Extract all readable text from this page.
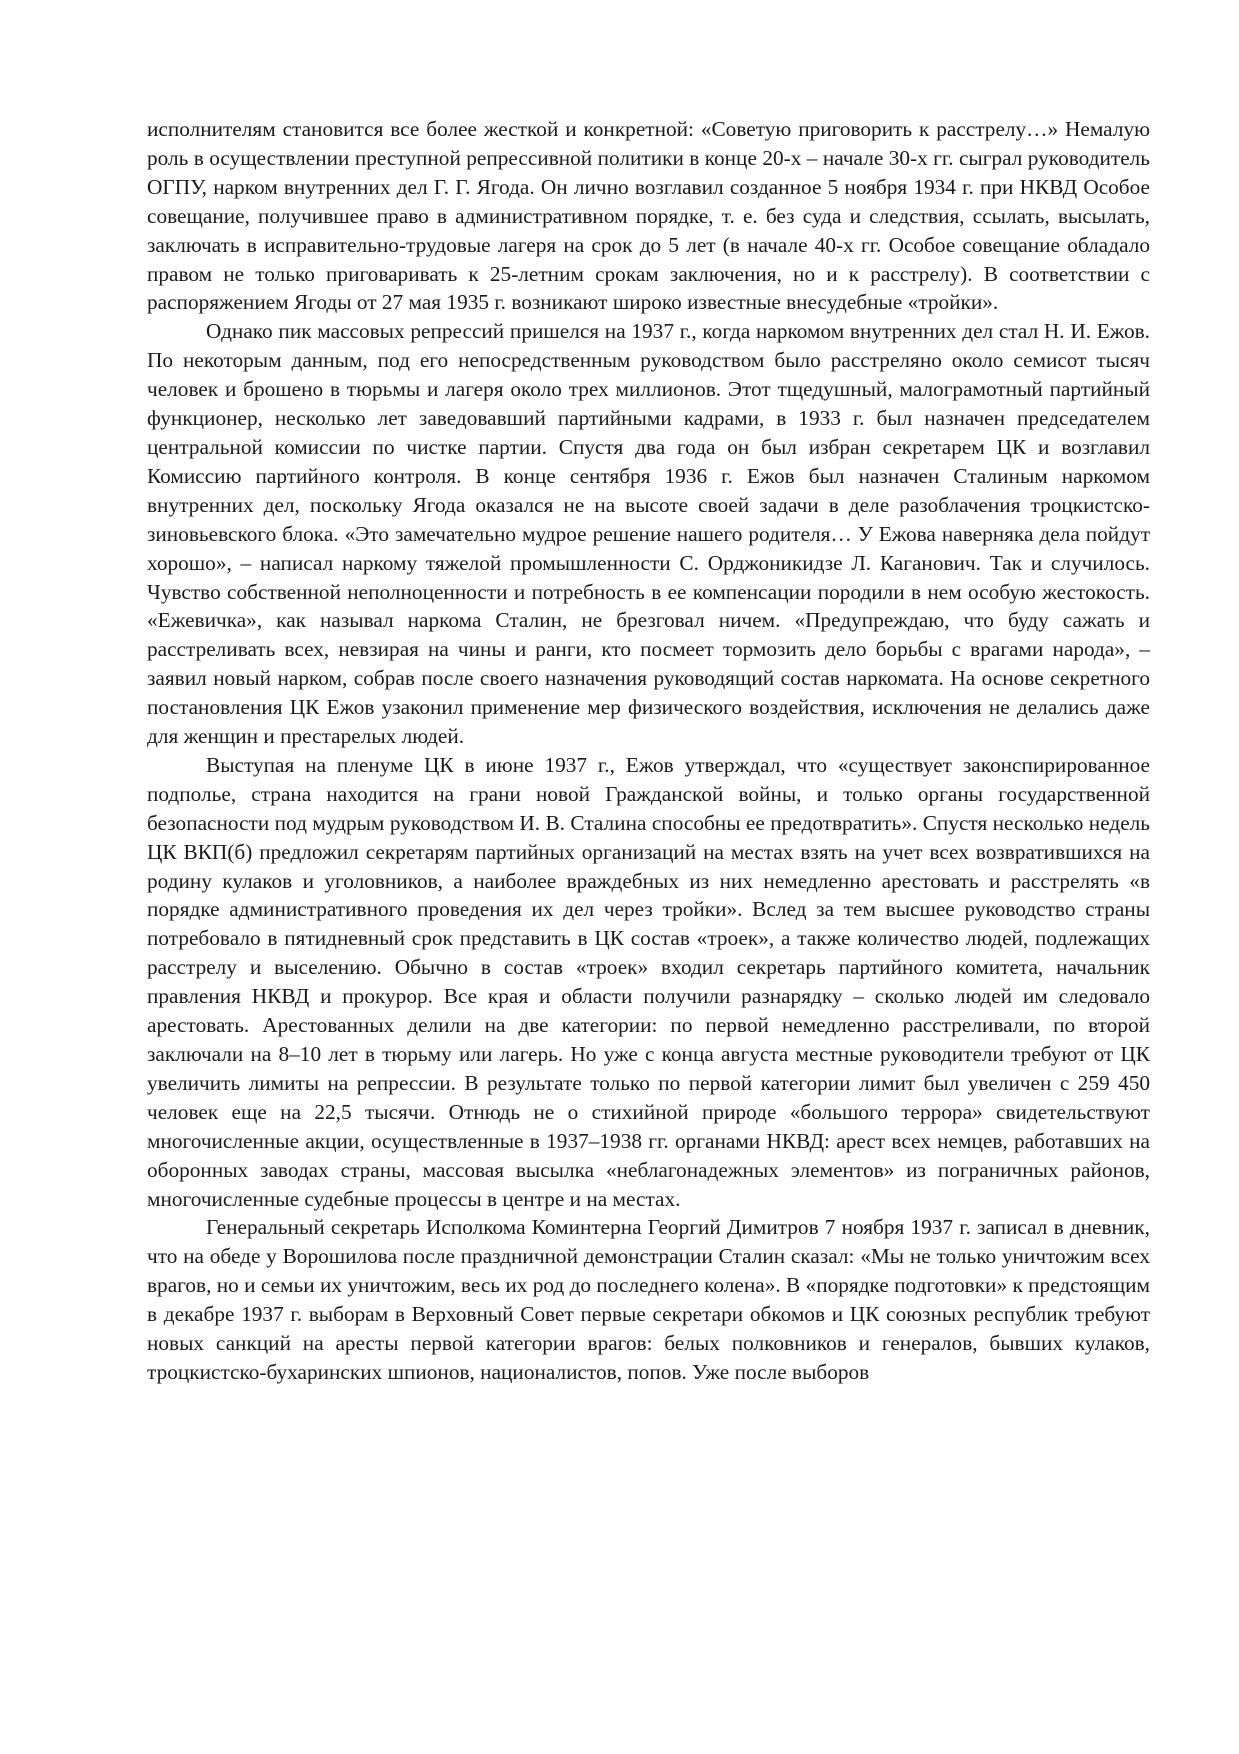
исполнителям становится все более жесткой и конкретной: «Советую приговорить к расстрелу…» Немалую роль в осуществлении преступной репрессивной политики в конце 20-х – начале 30-х гг. сыграл руководитель ОГПУ, нарком внутренних дел Г. Г. Ягода. Он лично возглавил созданное 5 ноября 1934 г. при НКВД Особое совещание, получившее право в административном порядке, т. е. без суда и следствия, ссылать, высылать, заключать в исправительно-трудовые лагеря на срок до 5 лет (в начале 40-х гг. Особое совещание обладало правом не только приговаривать к 25-летним срокам заключения, но и к расстрелу). В соответствии с распоряжением Ягоды от 27 мая 1935 г. возникают широко известные внесудебные «тройки».

Однако пик массовых репрессий пришелся на 1937 г., когда наркомом внутренних дел стал Н. И. Ежов. По некоторым данным, под его непосредственным руководством было расстреляно около семисот тысяч человек и брошено в тюрьмы и лагеря около трех миллионов. Этот тщедушный, малограмотный партийный функционер, несколько лет заведовавший партийными кадрами, в 1933 г. был назначен председателем центральной комиссии по чистке партии. Спустя два года он был избран секретарем ЦК и возглавил Комиссию партийного контроля. В конце сентября 1936 г. Ежов был назначен Сталиным наркомом внутренних дел, поскольку Ягода оказался не на высоте своей задачи в деле разоблачения троцкистско-зиновьевского блока. «Это замечательно мудрое решение нашего родителя… У Ежова наверняка дела пойдут хорошо», – написал наркому тяжелой промышленности С. Орджоникидзе Л. Каганович. Так и случилось. Чувство собственной неполноценности и потребность в ее компенсации породили в нем особую жестокость. «Ежевичка», как называл наркома Сталин, не брезговал ничем. «Предупреждаю, что буду сажать и расстреливать всех, невзирая на чины и ранги, кто посмеет тормозить дело борьбы с врагами народа», – заявил новый нарком, собрав после своего назначения руководящий состав наркомата. На основе секретного постановления ЦК Ежов узаконил применение мер физического воздействия, исключения не делались даже для женщин и престарелых людей.

Выступая на пленуме ЦК в июне 1937 г., Ежов утверждал, что «существует законспирированное подполье, страна находится на грани новой Гражданской войны, и только органы государственной безопасности под мудрым руководством И. В. Сталина способны ее предотвратить». Спустя несколько недель ЦК ВКП(б) предложил секретарям партийных организаций на местах взять на учет всех возвратившихся на родину кулаков и уголовников, а наиболее враждебных из них немедленно арестовать и расстрелять «в порядке административного проведения их дел через тройки». Вслед за тем высшее руководство страны потребовало в пятидневный срок представить в ЦК состав «троек», а также количество людей, подлежащих расстрелу и выселению. Обычно в состав «троек» входил секретарь партийного комитета, начальник правления НКВД и прокурор. Все края и области получили разнарядку – сколько людей им следовало арестовать. Арестованных делили на две категории: по первой немедленно расстреливали, по второй заключали на 8–10 лет в тюрьму или лагерь. Но уже с конца августа местные руководители требуют от ЦК увеличить лимиты на репрессии. В результате только по первой категории лимит был увеличен с 259 450 человек еще на 22,5 тысячи. Отнюдь не о стихийной природе «большого террора» свидетельствуют многочисленные акции, осуществленные в 1937–1938 гг. органами НКВД: арест всех немцев, работавших на оборонных заводах страны, массовая высылка «неблагонадежных элементов» из пограничных районов, многочисленные судебные процессы в центре и на местах.

Генеральный секретарь Исполкома Коминтерна Георгий Димитров 7 ноября 1937 г. записал в дневник, что на обеде у Ворошилова после праздничной демонстрации Сталин сказал: «Мы не только уничтожим всех врагов, но и семьи их уничтожим, весь их род до последнего колена». В «порядке подготовки» к предстоящим в декабре 1937 г. выборам в Верховный Совет первые секретари обкомов и ЦК союзных республик требуют новых санкций на аресты первой категории врагов: белых полковников и генералов, бывших кулаков, троцкистско-бухаринских шпионов, националистов, попов. Уже после выборов
